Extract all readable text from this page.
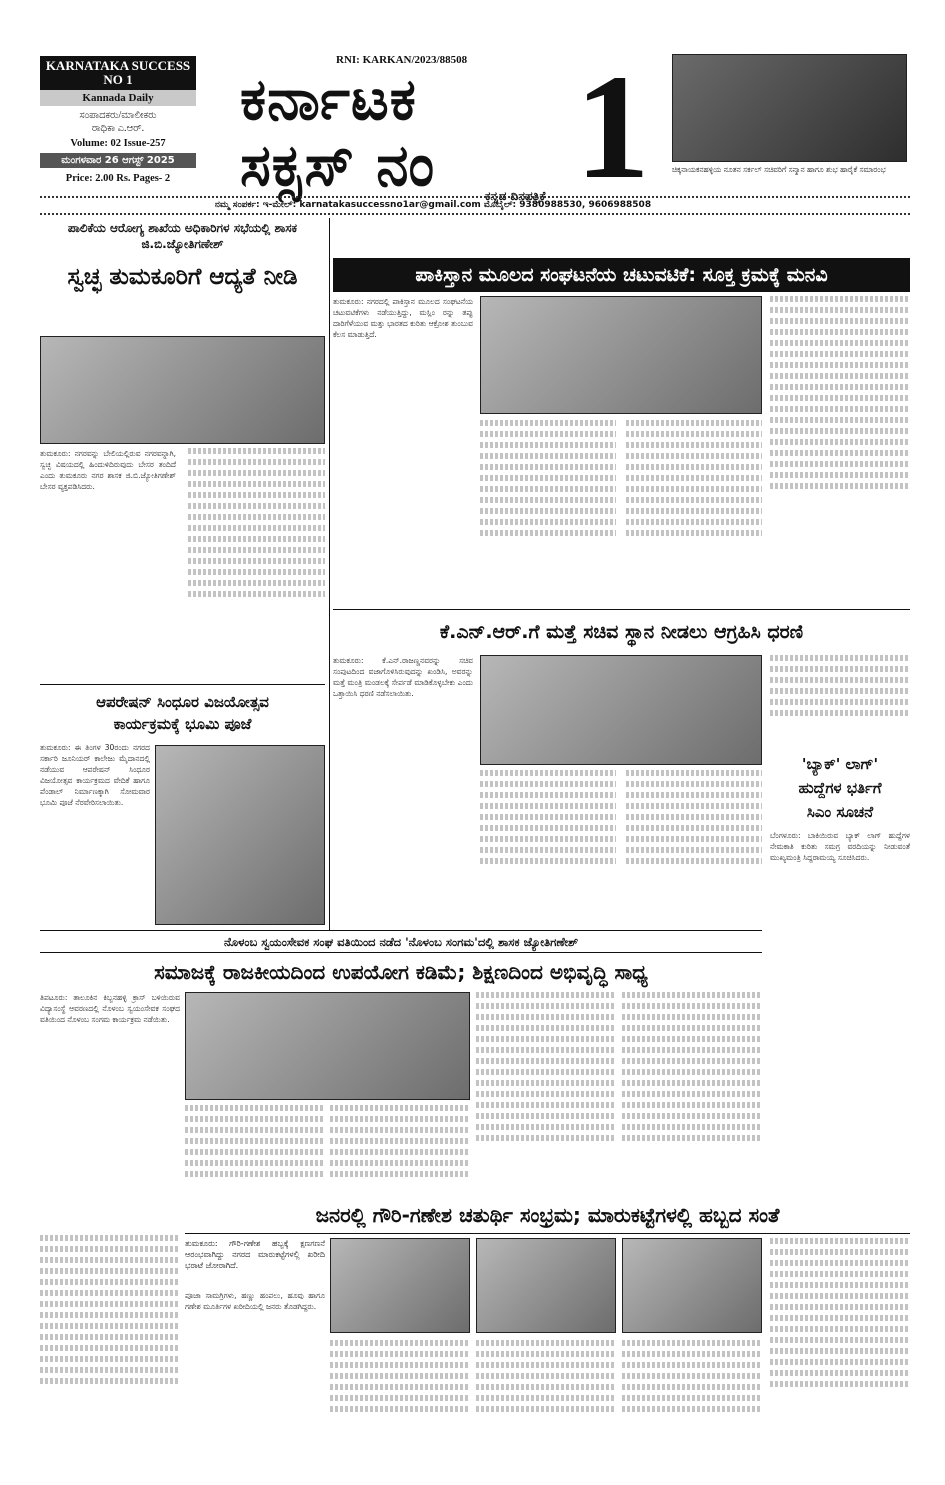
KARNATAKA SUCCESS NO 1
Kannada Daily
ಸಂಪಾದಕರು/ಮಾಲೀಕರು
ರಾಧಿಕಾ ಎ.ಆರ್.
Volume: 02 Issue-257
ಮಂಗಳವಾರ 26 ಆಗಸ್ಟ್ 2025
Price: 2.00 Rs. Pages- 2
RNI: KARKAN/2023/88508
ಕರ್ನಾಟಕ
ಸಕ್ಸಸ್ ನಂ 1
ಕನ್ನಡ ದಿನಪತ್ರಿಕೆ
ಚಿಕ್ಕನಾಯಕನಹಳ್ಳಿಯ ನೂತನ ಸರ್ಕಲ್ ಸಚಿವರಿಗೆ ಸನ್ಮಾನ ಹಾಗೂ ಶುಭ ಹಾರೈಕೆ ಸಮಾರಂಭ
ನಮ್ಮ ಸಂಪರ್ಕ: ಇ-ಮೇಲ್: karnatakasuccessno1ar@gmail.com ಮೊಬೈಲ್: 9380988530, 9606988508
ಪಾಲಿಕೆಯ ಆರೋಗ್ಯ ಶಾಖೆಯ ಅಧಿಕಾರಿಗಳ ಸಭೆಯಲ್ಲಿ ಶಾಸಕ ಜಿ.ಬಿ.ಜ್ಯೋತಿಗಣೇಶ್
ಸ್ವಚ್ಛ ತುಮಕೂರಿಗೆ ಆದ್ಯತೆ ನೀಡಿ
ತುಮಕೂರು: ನಗರವನ್ನು ಬೇಲಿಯಲ್ಲಿರುವ ನಗರವನ್ನಾಗಿ, ಸ್ವಚ್ಛ ವಿಷಯದಲ್ಲಿ ಹಿಂದುಳಿದಿರುವುದು ಬೇಸರ ತಂದಿದೆ ಎಂದು ತುಮಕೂರು ನಗರ ಶಾಸಕ ಜಿ.ಬಿ.ಜ್ಯೋತಿಗಣೇಶ್ ಬೇಸರ ವ್ಯಕ್ತಪಡಿಸಿದರು.
ಪಾಕಿಸ್ತಾನ ಮೂಲದ ಸಂಘಟನೆಯ ಚಟುವಟಿಕೆ: ಸೂಕ್ತ ಕ್ರಮಕ್ಕೆ ಮನವಿ
ತುಮಕೂರು: ನಗರದಲ್ಲಿ ಪಾಕಿಸ್ತಾನ ಮೂಲದ ಸಂಘಟನೆಯ ಚಟುವಟಿಕೆಗಳು ನಡೆಯುತ್ತಿದ್ದು, ಮಸ್ಲಿಂ ರನ್ನು ತಪ್ಪು ದಾರಿಗೆಳೆಯುವ ಮತ್ತು ಭಾರತದ ಕುರಿತು ಆಕ್ರೋಶ ತುಂಬುವ ಕೆಲಸ ಮಾಡುತ್ತಿದೆ.
ಆಪರೇಷನ್ ಸಿಂಧೂರ ವಿಜಯೋತ್ಸವ
ಕಾರ್ಯಕ್ರಮಕ್ಕೆ ಭೂಮಿ ಪೂಜೆ
ತುಮಕೂರು: ಈ ತಿಂಗಳ 30ರಂದು ನಗರದ ಸರ್ಕಾರಿ ಜೂನಿಯರ್ ಕಾಲೇಜು ಮೈದಾನದಲ್ಲಿ ನಡೆಯುವ ಆಪರೇಷನ್ ಸಿಂಧೂರ ವಿಜಯೋತ್ಸವ ಕಾರ್ಯಕ್ರಮದ ವೇದಿಕೆ ಹಾಗೂ ಪೆಂಡಾಲ್ ನಿರ್ಮಾಣಕ್ಕಾಗಿ ಸೋಮವಾರ ಭೂಮಿ ಪೂಜೆ ನೆರವೇರಿಸಲಾಯಿತು.
ಕೆ.ಎನ್.ಆರ್.ಗೆ ಮತ್ತೆ ಸಚಿವ ಸ್ಥಾನ ನೀಡಲು ಆಗ್ರಹಿಸಿ ಧರಣಿ
ತುಮಕೂರು: ಕೆ.ಎನ್.ರಾಜಣ್ಣನವರನ್ನು ಸಚಿವ ಸಂಪುಟದಿಂದ ವಜಾಗೊಳಿಸಿರುವುದನ್ನು ಖಂಡಿಸಿ, ಅವರನ್ನು ಮತ್ತೆ ಮಂತ್ರಿ ಮಂಡಲಕ್ಕೆ ಸೇರ್ಪಡೆ ಮಾಡಿಕೊಳ್ಳಬೇಕು ಎಂದು ಒತ್ತಾಯಿಸಿ ಧರಣಿ ನಡೆಸಲಾಯಿತು.
'ಬ್ಯಾಕ್' ಲಾಗ್'
ಹುದ್ದೆಗಳ ಭರ್ತಿಗೆ
ಸಿಎಂ ಸೂಚನೆ
ಬೆಂಗಳೂರು: ಬಾಕಿಯಿರುವ ಬ್ಯಾಕ್ ಲಾಗ್ ಹುದ್ದೆಗಳ ನೇಮಕಾತಿ ಕುರಿತು ಸಮಗ್ರ ವರದಿಯನ್ನು ನೀಡುವಂತೆ ಮುಖ್ಯಮಂತ್ರಿ ಸಿದ್ದರಾಮಯ್ಯ ಸೂಚಿಸಿದರು.
ನೊಳಂಬ ಸ್ವಯಂಸೇವಕ ಸಂಘ ವತಿಯಿಂದ ನಡೆದ 'ನೊಳಂಬ ಸಂಗಮ'ದಲ್ಲಿ ಶಾಸಕ ಜ್ಯೋತಿಗಣೇಶ್
ಸಮಾಜಕ್ಕೆ ರಾಜಕೀಯದಿಂದ ಉಪಯೋಗ ಕಡಿಮೆ; ಶಿಕ್ಷಣದಿಂದ ಅಭಿವೃದ್ಧಿ ಸಾಧ್ಯ
ತಿಪಟೂರು: ತಾಲೂಕಿನ ಕಿಬ್ಬನಹಳ್ಳಿ ಕ್ರಾಸ್ ಬಳಿಯಿರುವ ವಿದ್ಯಾಸಂಸ್ಥೆ ಆವರಣದಲ್ಲಿ ನೊಳಂಬ ಸ್ವಯಂಸೇವಕ ಸಂಘದ ವತಿಯಿಂದ ನೊಳಂಬ ಸಂಗಮ ಕಾರ್ಯಕ್ರಮ ನಡೆಯಿತು.
ಜನರಲ್ಲಿ ಗೌರಿ-ಗಣೇಶ ಚತುರ್ಥಿ ಸಂಭ್ರಮ; ಮಾರುಕಟ್ಟೆಗಳಲ್ಲಿ ಹಬ್ಬದ ಸಂತೆ
ತುಮಕೂರು: ಗೌರಿ-ಗಣೇಶ ಹಬ್ಬಕ್ಕೆ ಕ್ಷಣಗಣನೆ ಆರಂಭವಾಗಿದ್ದು ನಗರದ ಮಾರುಕಟ್ಟೆಗಳಲ್ಲಿ ಖರೀದಿ ಭರಾಟೆ ಜೋರಾಗಿದೆ.
ಪೂಜಾ ಸಾಮಗ್ರಿಗಳು, ಹಣ್ಣು ಹಂಪಲು, ಹೂವು ಹಾಗೂ ಗಣೇಶ ಮೂರ್ತಿಗಳ ಖರೀದಿಯಲ್ಲಿ ಜನರು ತೊಡಗಿದ್ದರು.
